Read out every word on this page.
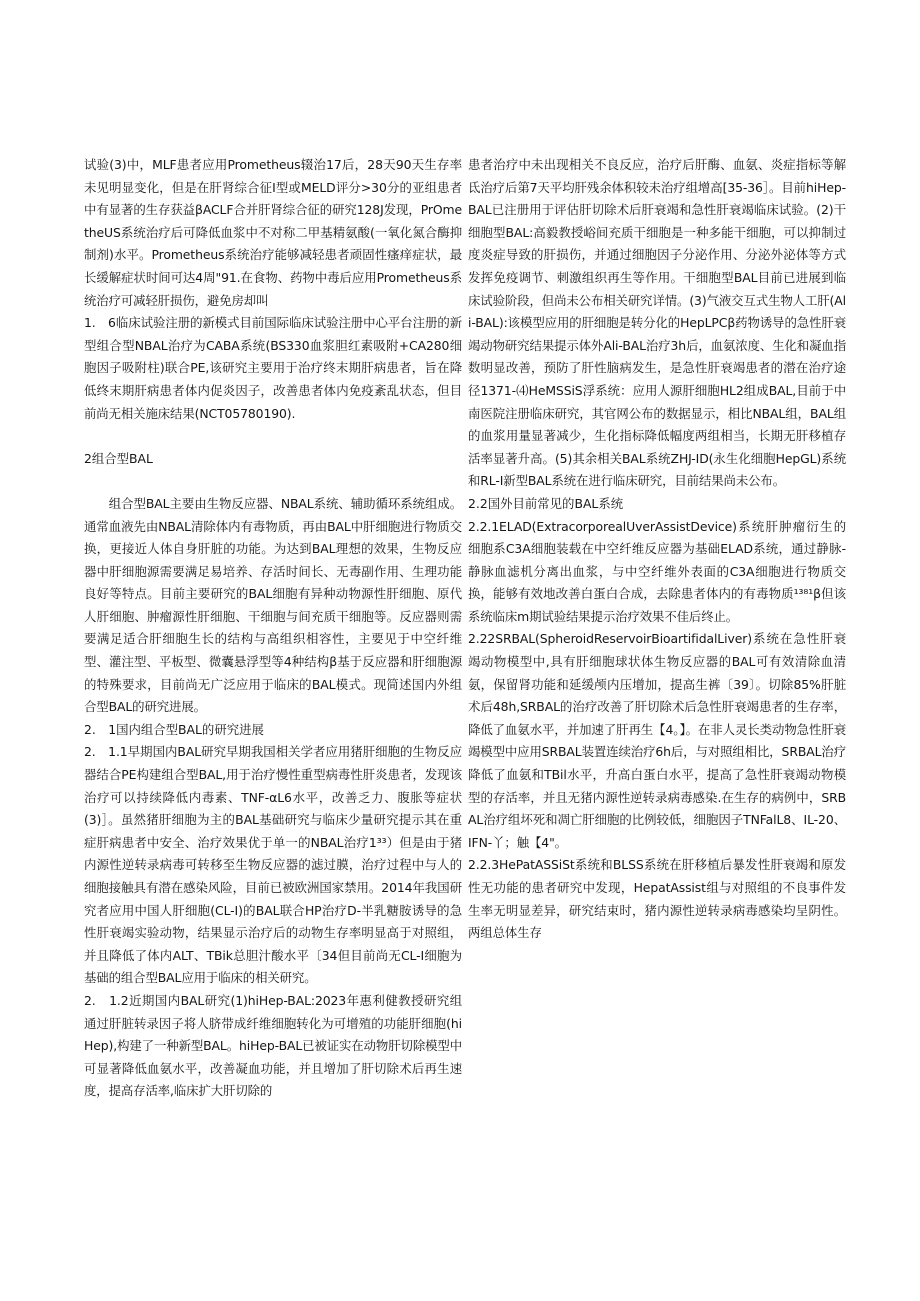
试验(3)中，MLF患者应用Prometheus辍治17后，28天90天生存率未见明显变化，但是在肝肾综合征I型或MELD评分>30分的亚组患者中有显著的生存获益βACLF合并肝肾综合征的研究128J发现，PrOmetheUS系统治疗后可降低血浆中不对称二甲基精氨酸(一氧化氮合酶抑制剂)水平。Prometheus系统治疗能够减轻患者顽固性瘙痒症状，最长缓解症状时间可达4周"91.在食物、药物中毒后应用Prometheus系统治疗可减轻肝损伤，避免房却叫

1.　6临床试验注册的新模式目前国际临床试验注册中心平台注册的新型组合型NBAL治疗为CABA系统(BS330血浆胆红素吸附+CA280细胞因子吸附柱)联合PE,该研究主要用于治疗终末期肝病患者，旨在降低终末期肝病患者体内促炎因子，改善患者体内免疫紊乱状态，但目前尚无相关施床结果(NCT05780190).

2组合型BAL

组合型BAL主要由生物反应器、NBAL系统、辅助循环系统组成。通常血液先由NBAL清除体内有毒物质，再由BAL中肝细胞进行物质交换，更接近人体自身肝脏的功能。为达到BAL理想的效果，生物反应器中肝细胞源需要满足易培养、存活时间长、无毒副作用、生理功能良好等特点。目前主要研究的BAL细胞有异种动物源性肝细胞、原代人肝细胞、肿瘤源性肝细胞、干细胞与间充质干细胞等。反应器则需要满足适合肝细胞生长的结构与高组织相容性，主要见于中空纤维型、灌注型、平板型、微囊悬浮型等4种结构β基于反应器和肝细胞源的特殊要求，目前尚无广泛应用于临床的BAL模式。现简述国内外组合型BAL的研究进展。

2.　1国内组合型BAL的研究进展

2.　1.1早期国内BAL研究早期我国相关学者应用猪肝细胞的生物反应器结合PE构建组合型BAL,用于治疗慢性重型病毒性肝炎患者，发现该治疗可以持续降低内毒素、TNF-αL6水平，改善乏力、腹胀等症状(3)］。虽然猪肝细胞为主的BAL基础研究与临床少量研究提示其在重症肝病患者中安全、治疗效果优于单一的NBAL治疗1³³）但是由于猪内源性逆转录病毒可转移至生物反应器的滤过膜，治疗过程中与人的细胞接触具有潜在感染风险，目前已被欧洲国家禁用。2014年我国研究者应用中国人肝细胞(CL-I)的BAL联合HP治疗D-半乳糖胺诱导的急性肝衰竭实验动物，结果显示治疗后的动物生存率明显高于对照组，并且降低了体内ALT、TBik总胆汁酸水平〔34但目前尚无CL-I细胞为基础的组合型BAL应用于临床的相关研究。

2.　1.2近期国内BAL研究(1)hiHep-BAL:2023年惠利健教授研究组通过肝脏转录因子将人脐带成纤维细胞转化为可增殖的功能肝细胞(hiHep),构建了一种新型BAL。hiHep-BAL已被证实在动物肝切除模型中可显著降低血氨水平，改善凝血功能，并且增加了肝切除术后再生速度，提高存活率,临床扩大肝切除的

患者治疗中未出现相关不良反应，治疗后肝酶、血氨、炎症指标等解氐治疗后第7天平均肝残余体积较未治疗组增高[35-36］。目前hiHep-BAL已注册用于评估肝切除术后肝衰竭和急性肝衰竭临床试验。(2)干细胞型BAL:高毅教授峪间充质干细胞是一种多能干细胞，可以抑制过度炎症导致的肝损伤，并通过细胞因子分泌作用、分泌外泌体等方式发挥免疫调节、刺激组织再生等作用。干细胞型BAL目前已进展到临床试验阶段，但尚未公布相关研究详情。(3)气液交互式生物人工肝(Ali-BAL):该模型应用的肝细胞是转分化的HepLPCβ药物诱导的急性肝衰竭动物研究结果提示体外Ali-BAL治疗3h后，血氨浓度、生化和凝血指数明显改善，预防了肝性脑病发生，是急性肝衰竭患者的潜在治疗途径1371-⑷HeMSSiS浮系统：应用人源肝细胞HL2组成BAL,目前于中南医院注册临床研究，其官网公布的数据显示，相比NBAL组，BAL组的血浆用量显著减少，生化指标降低幅度两组相当，长期无肝移植存活率显著升高。(5)其余相关BAL系统ZHJ-ID(永生化细胞HepGL)系统和RL-I新型BAL系统在进行临床研究，目前结果尚未公布。

2.2国外目前常见的BAL系统

2.2.1ELAD(ExtracorporealUverAssistDevice)系统肝肿瘤衍生的细胞系C3A细胞装载在中空纤维反应器为基础ELAD系统，通过静脉-静脉血滤机分离出血浆，与中空纤维外表面的C3A细胞进行物质交换，能够有效地改善白蛋白合成，去除患者体内的有毒物质¹³⁸¹β但该系统临床m期试验结果提示治疗效果不佳后终止。

2.22SRBAL(SpheroidReservoirBioartifidalLiver)系统在急性肝衰竭动物模型中,具有肝细胞球状体生物反应器的BAL可有效清除血清氨，保留肾功能和延缓颅内压增加，提高生裤〔39〕。切除85%肝脏术后48h,SRBAL的治疗改善了肝切除术后急性肝衰竭患者的生存率，降低了血氨水平，并加速了肝再生【4。】。在非人灵长类动物急性肝衰竭模型中应用SRBAL装置连续治疗6h后，与对照组相比，SRBAL治疗降低了血氨和TBil水平，升高白蛋白水平，提高了急性肝衰竭动物模型的存活率，并且无猪内源性逆转录病毒感染.在生存的病例中，SRBAL治疗组坏死和凋亡肝细胞的比例较低，细胞因子TNFalL8、IL-20、IFN-丫；触【4"。

2.2.3HePatASSiSt系统和BLSS系统在肝移植后暴发性肝衰竭和原发性无功能的患者研究中发现，HepatAssist组与对照组的不良事件发生率无明显差异，研究结束时，猪内源性逆转录病毒感染均呈阴性。两组总体生存
